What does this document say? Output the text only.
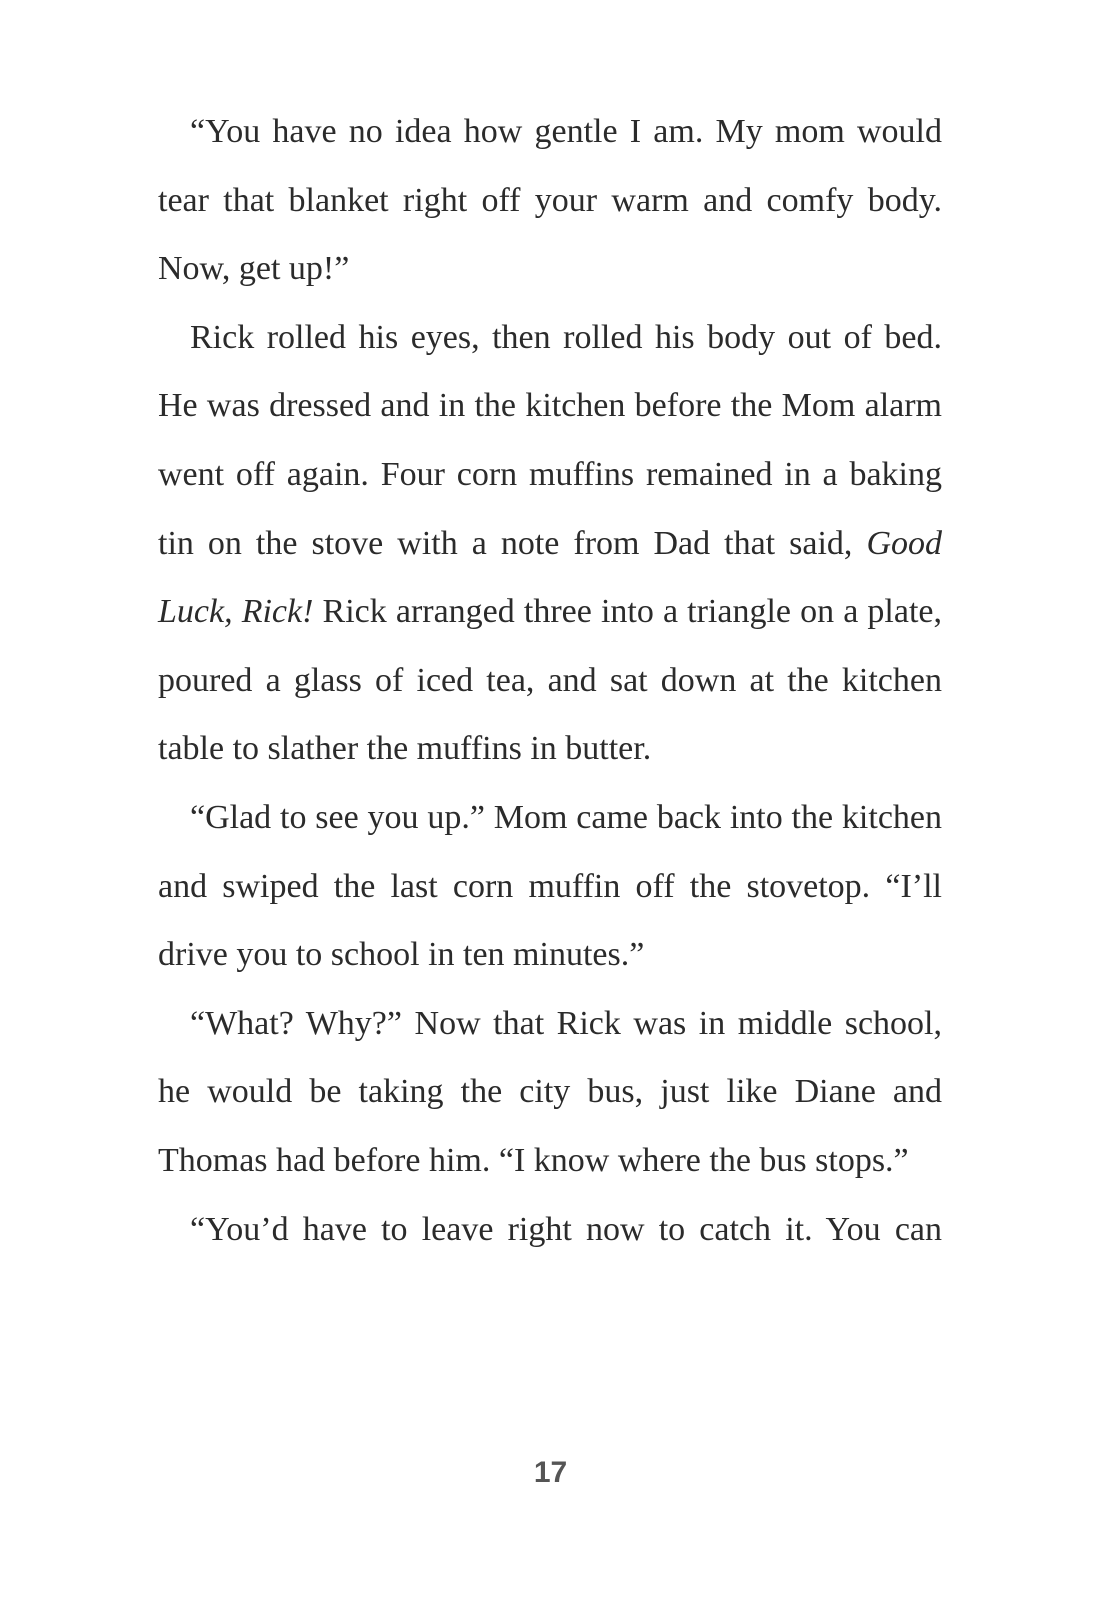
“You have no idea how gentle I am. My mom would tear that blanket right off your warm and comfy body. Now, get up!”

Rick rolled his eyes, then rolled his body out of bed. He was dressed and in the kitchen before the Mom alarm went off again. Four corn muffins remained in a baking tin on the stove with a note from Dad that said, Good Luck, Rick! Rick arranged three into a triangle on a plate, poured a glass of iced tea, and sat down at the kitchen table to slather the muffins in butter.

“Glad to see you up.” Mom came back into the kitchen and swiped the last corn muffin off the stovetop. “I’ll drive you to school in ten minutes.”

“What? Why?” Now that Rick was in middle school, he would be taking the city bus, just like Diane and Thomas had before him. “I know where the bus stops.”

“You’d have to leave right now to catch it. You can

17
